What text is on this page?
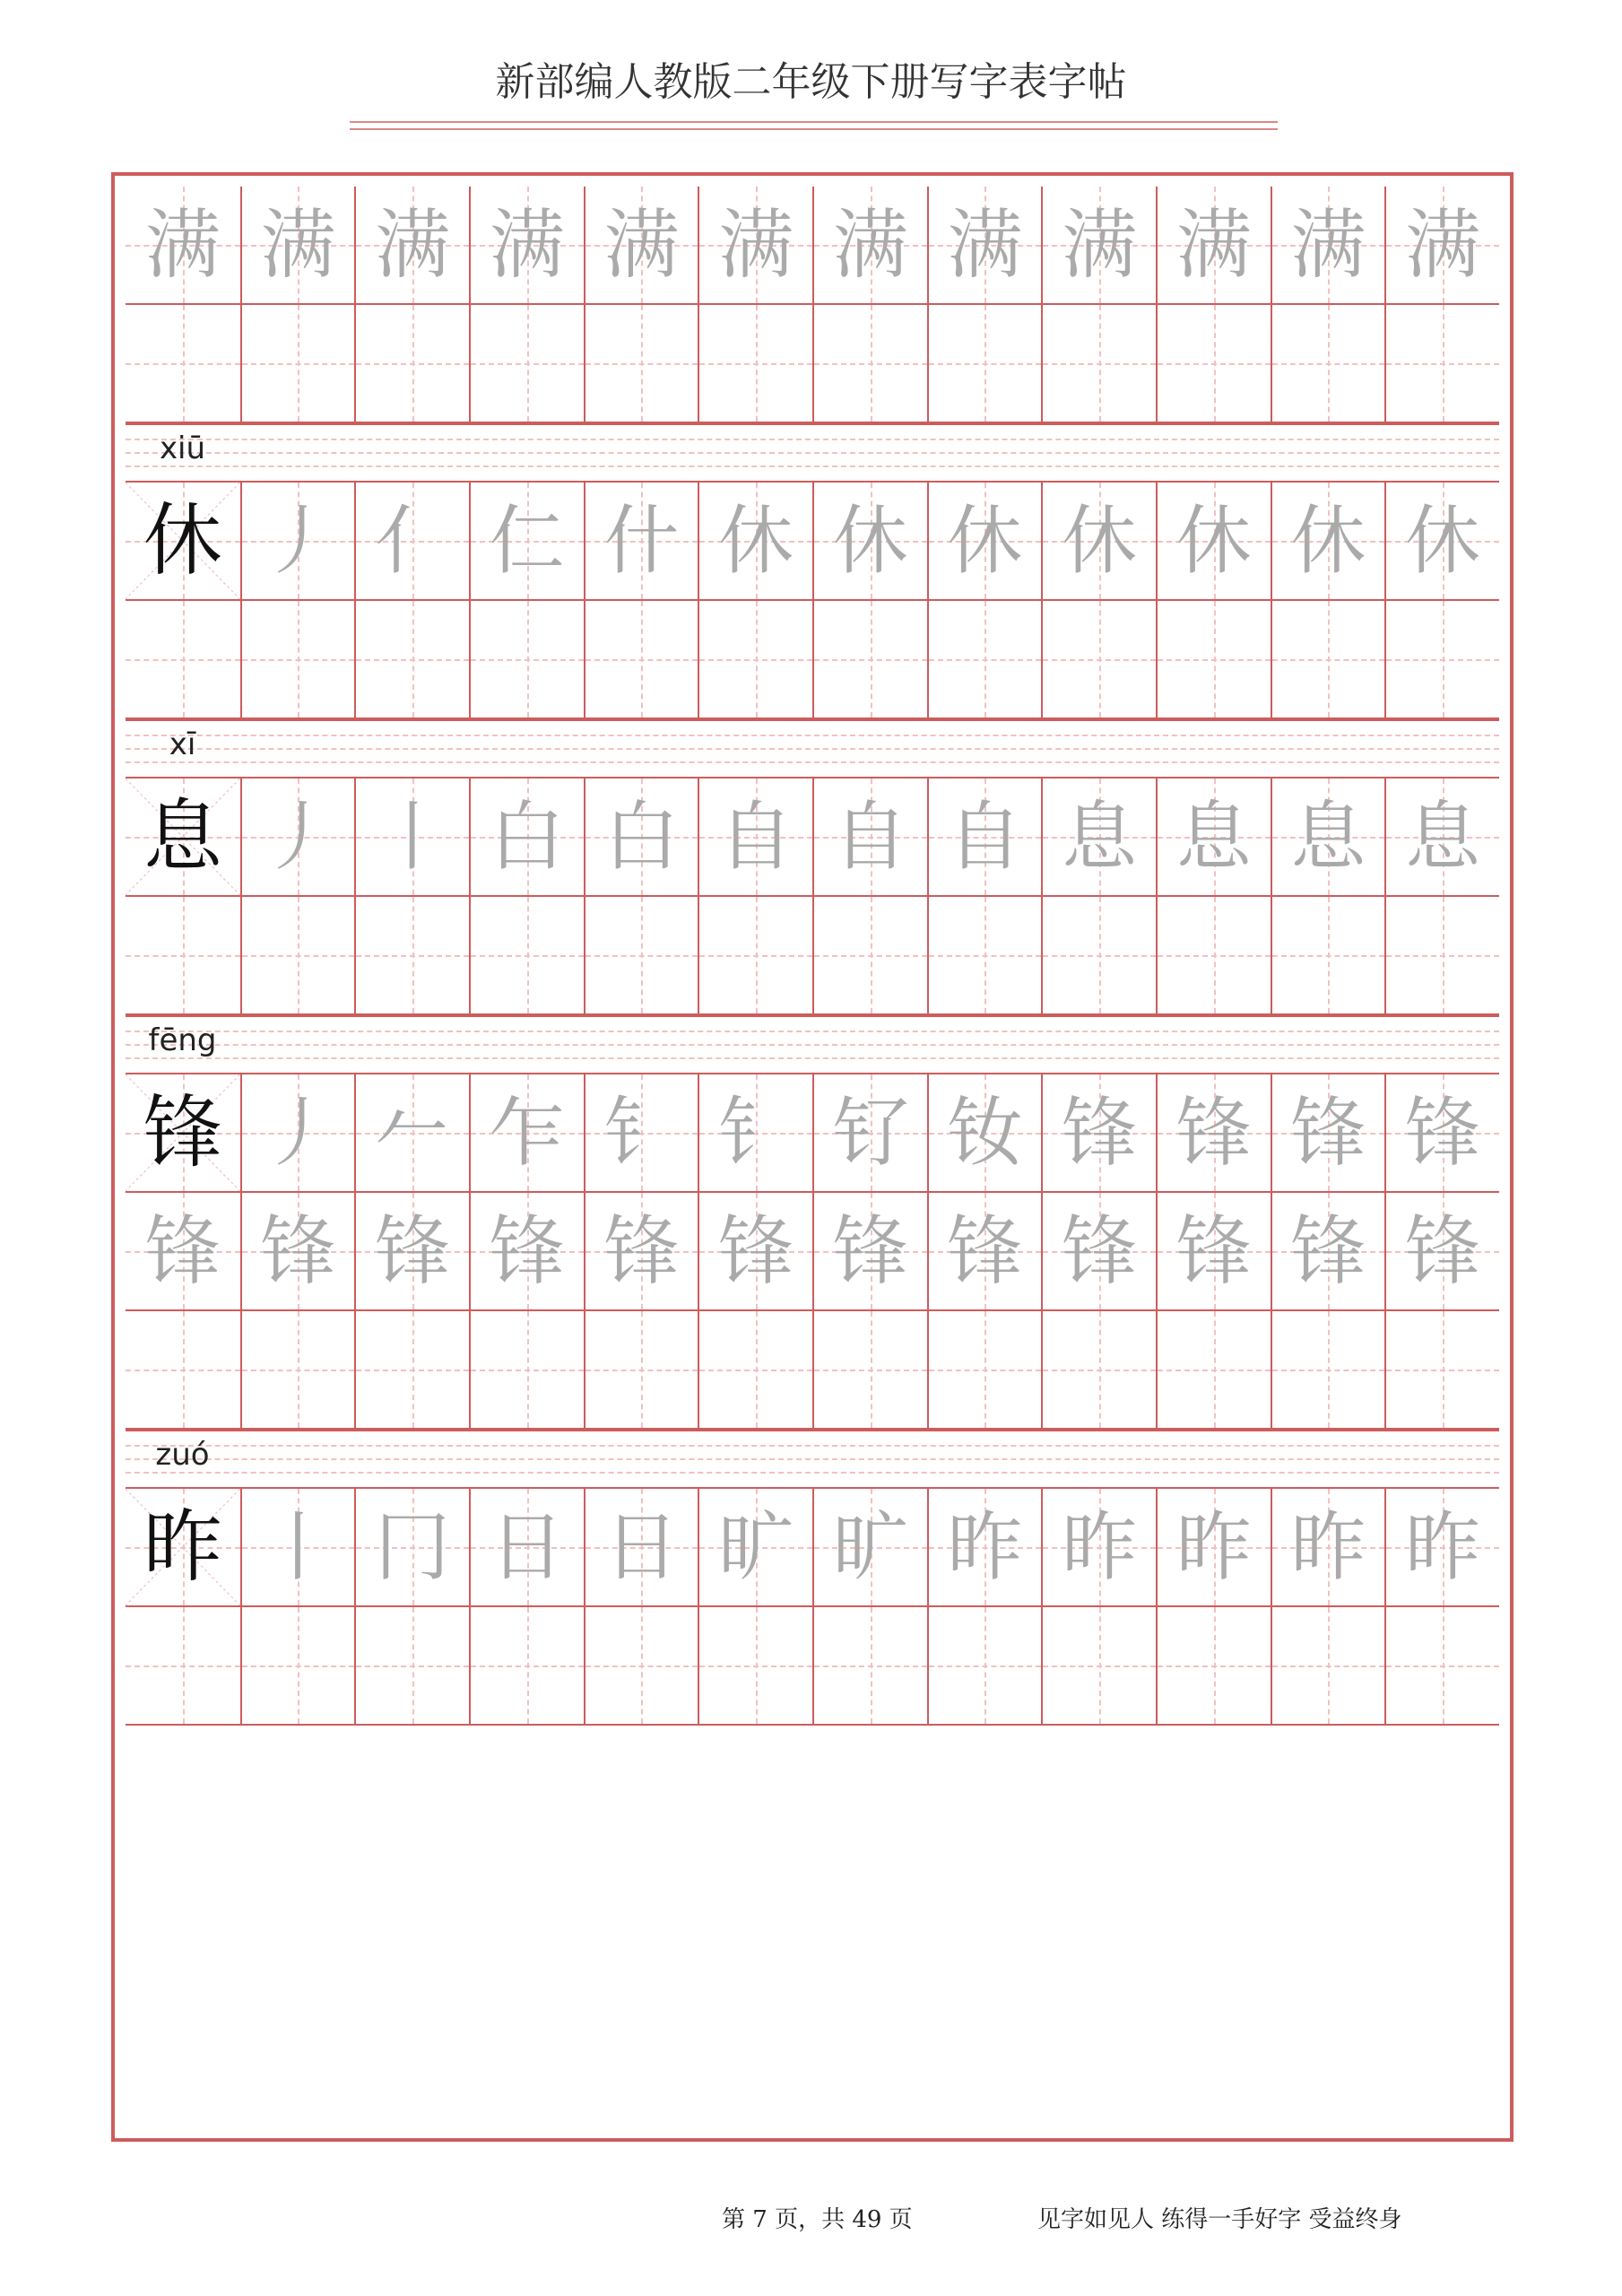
新部编人教版二年级下册写字表字帖
满 满 满 满 满 满 满 满 满 满 满 满
xiū
休 丿 亻 仁 什 休 休 休 休 休 休 休
xī
息 丿 丨 白 白 自 自 自 息 息 息 息
fēng
锋 丿 𠂉 乍 钅 钅 钌 钕 锋 锋 锋 锋
锋 锋 锋 锋 锋 锋 锋 锋 锋 锋 锋 锋
zuó
昨 丨 冂 日 日 旷 旷 昨 昨 昨 昨 昨
第 7 页，共 49 页	见字如见人 练得一手好字 受益终身
